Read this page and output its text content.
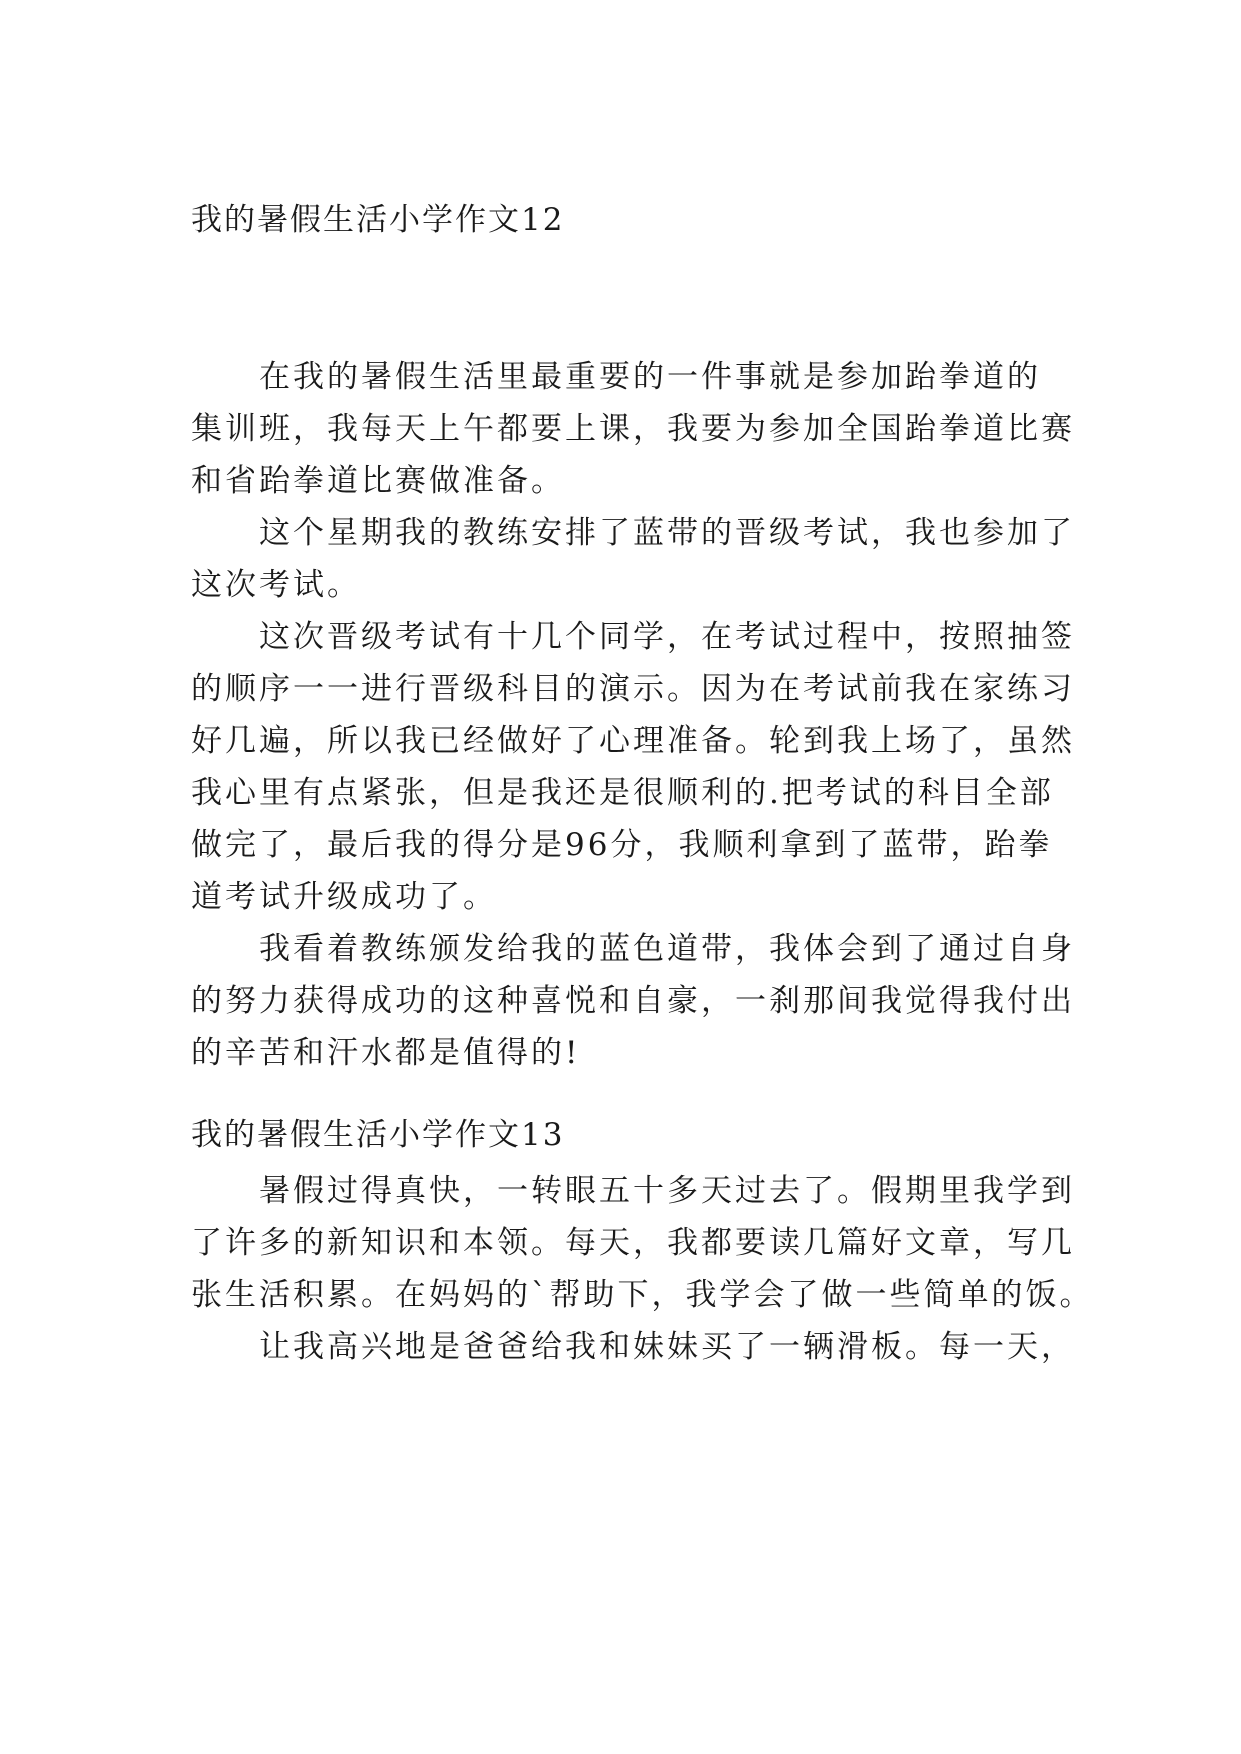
我的暑假生活小学作文12

　　在我的暑假生活里最重要的一件事就是参加跆拳道的

集训班，我每天上午都要上课，我要为参加全国跆拳道比赛

和省跆拳道比赛做准备。

　　这个星期我的教练安排了蓝带的晋级考试，我也参加了

这次考试。

　　这次晋级考试有十几个同学，在考试过程中，按照抽签

的顺序一一进行晋级科目的演示。因为在考试前我在家练习

好几遍，所以我已经做好了心理准备。轮到我上场了，虽然

我心里有点紧张，但是我还是很顺利的.把考试的科目全部

做完了，最后我的得分是96分，我顺利拿到了蓝带，跆拳

道考试升级成功了。

　　我看着教练颁发给我的蓝色道带，我体会到了通过自身

的努力获得成功的这种喜悦和自豪，一刹那间我觉得我付出

的辛苦和汗水都是值得的!

我的暑假生活小学作文13

　　暑假过得真快，一转眼五十多天过去了。假期里我学到

了许多的新知识和本领。每天，我都要读几篇好文章，写几

张生活积累。在妈妈的`帮助下，我学会了做一些简单的饭。

　　让我高兴地是爸爸给我和妹妹买了一辆滑板。每一天，
